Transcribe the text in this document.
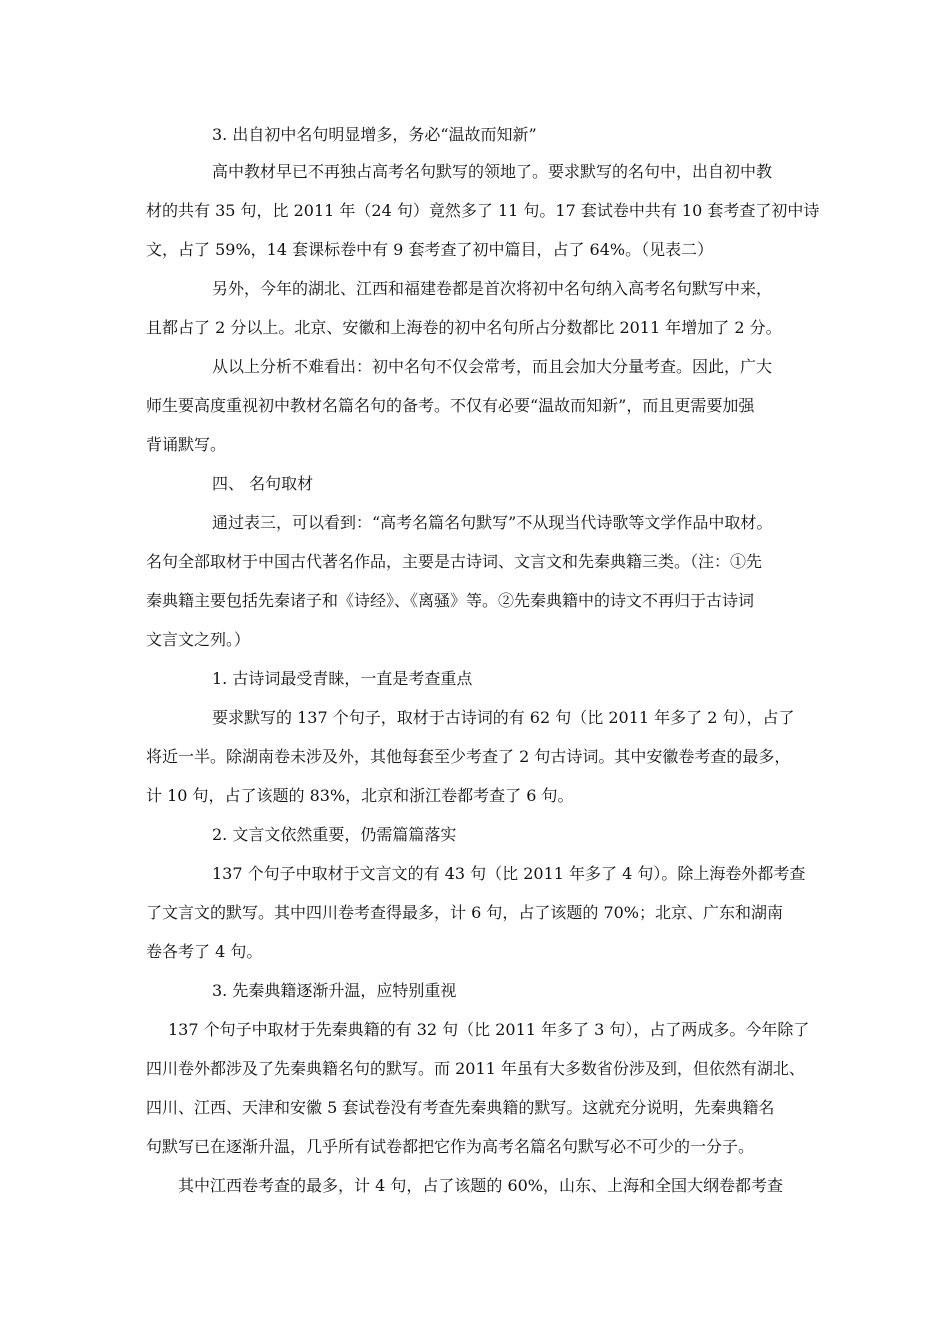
3. 出自初中名句明显增多，务必“温故而知新”
高中教材早已不再独占高考名句默写的领地了。要求默写的名句中，出自初中教
材的共有 35 句，比 2011 年（24 句）竟然多了 11 句。17 套试卷中共有 10 套考查了初中诗
文，占了 59%，14 套课标卷中有 9 套考查了初中篇目，占了 64%。（见表二）
另外，今年的湖北、江西和福建卷都是首次将初中名句纳入高考名句默写中来，
且都占了 2 分以上。北京、安徽和上海卷的初中名句所占分数都比 2011 年增加了 2 分。
从以上分析不难看出：初中名句不仅会常考，而且会加大分量考查。因此，广大
师生要高度重视初中教材名篇名句的备考。不仅有必要“温故而知新”，而且更需要加强
背诵默写。
四、 名句取材
通过表三，可以看到：“高考名篇名句默写”不从现当代诗歌等文学作品中取材。
名句全部取材于中国古代著名作品，主要是古诗词、文言文和先秦典籍三类。（注：①先
秦典籍主要包括先秦诸子和《诗经》、《离骚》等。②先秦典籍中的诗文不再归于古诗词
文言文之列。）
1. 古诗词最受青睐，一直是考查重点
要求默写的 137 个句子，取材于古诗词的有 62 句（比 2011 年多了 2 句），占了
将近一半。除湖南卷未涉及外，其他每套至少考查了 2 句古诗词。其中安徽卷考查的最多，
计 10 句，占了该题的 83%，北京和浙江卷都考查了 6 句。
2. 文言文依然重要，仍需篇篇落实
137 个句子中取材于文言文的有 43 句（比 2011 年多了 4 句）。除上海卷外都考查
了文言文的默写。其中四川卷考查得最多，计 6 句，占了该题的 70%；北京、广东和湖南
卷各考了 4 句。
3. 先秦典籍逐渐升温，应特别重视
137 个句子中取材于先秦典籍的有 32 句（比 2011 年多了 3 句），占了两成多。今年除了
四川卷外都涉及了先秦典籍名句的默写。而 2011 年虽有大多数省份涉及到，但依然有湖北、
四川、江西、天津和安徽 5 套试卷没有考查先秦典籍的默写。这就充分说明，先秦典籍名
句默写已在逐渐升温，几乎所有试卷都把它作为高考名篇名句默写必不可少的一分子。
其中江西卷考查的最多，计 4 句，占了该题的 60%，山东、上海和全国大纲卷都考查
